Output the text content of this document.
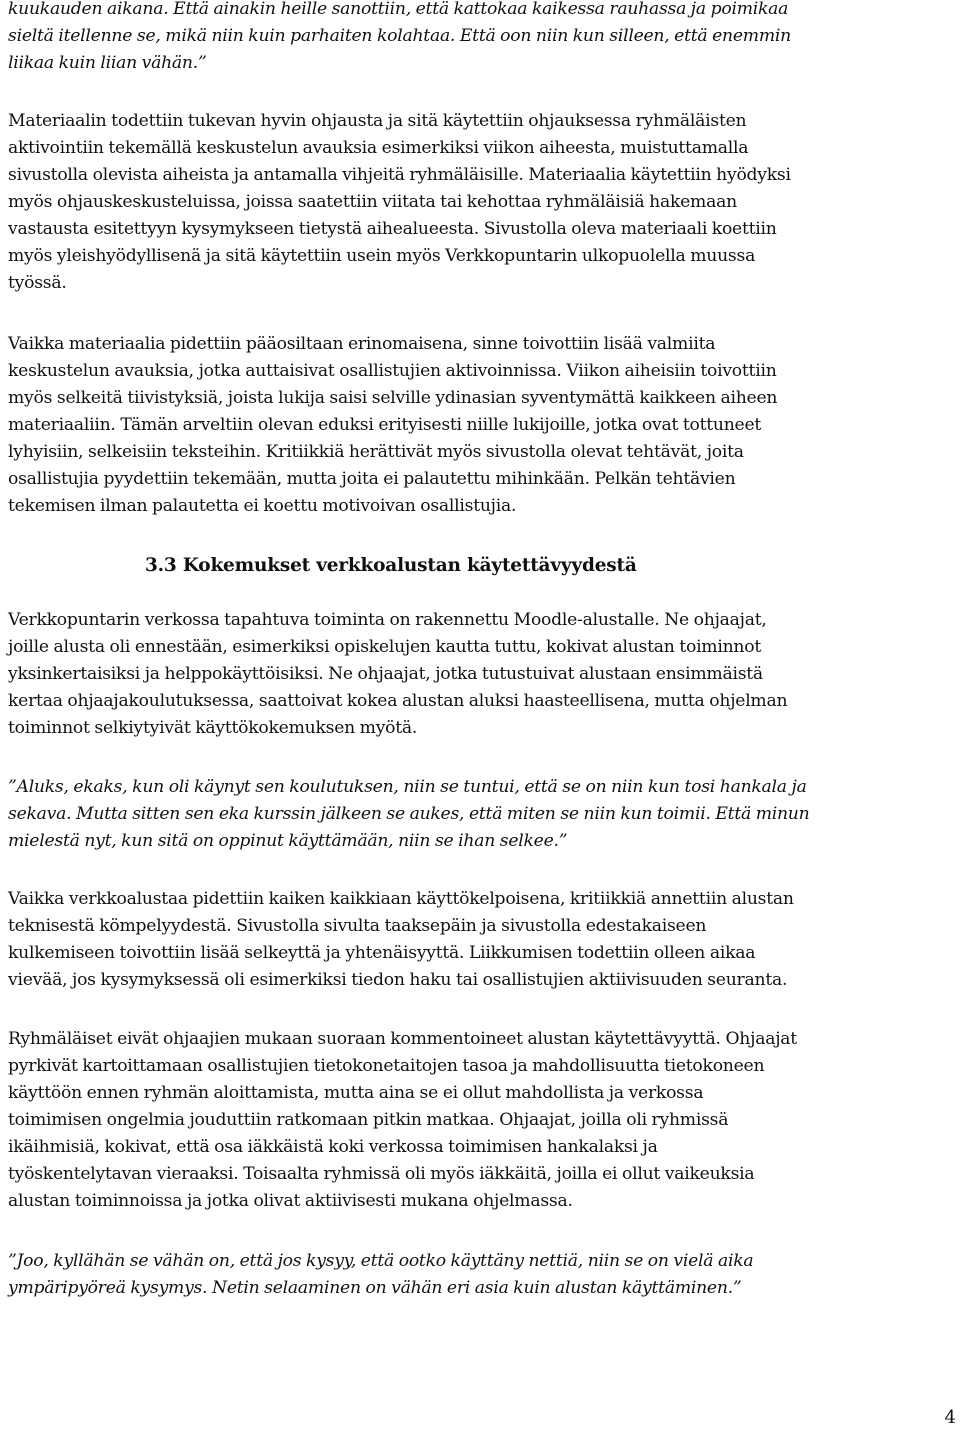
kuukauden aikana. Että ainakin heille sanottiin, että kattokaa kaikessa rauhassa ja poimikaa
sieltä itellenne se, mikä niin kuin parhaiten kolahtaa. Että oon niin kun silleen, että enemmin
liikaa kuin liian vähän.”
Materiaalin todettiin tukevan hyvin ohjausta ja sitä käytettiin ohjauksessa ryhmäläisten
aktivointiin tekemällä keskustelun avauksia esimerkiksi viikon aiheesta, muistuttamalla
sivustolla olevista aiheista ja antamalla vihjeitä ryhmäläisille. Materiaalia käytettiin hyödyksi
myös ohjauskeskusteluissa, joissa saatettiin viitata tai kehottaa ryhmäläisiä hakemaan
vastausta esitettyyn kysymykseen tietystä aihealueesta. Sivustolla oleva materiaali koettiin
myös yleishyödyllisenä ja sitä käytettiin usein myös Verkkopuntarin ulkopuolella muussa
työssä.
Vaikka materiaalia pidettiin pääosiltaan erinomaisena, sinne toivottiin lisää valmiita
keskustelun avauksia, jotka auttaisivat osallistujien aktivoinnissa. Viikon aiheisiin toivottiin
myös selkeitä tiivistyksiä, joista lukija saisi selville ydinasian syventymättä kaikkeen aiheen
materiaaliin. Tämän arveltiin olevan eduksi erityisesti niille lukijoille, jotka ovat tottuneet
lyhyisiin, selkeisiin teksteihin. Kritiikkiä herättivät myös sivustolla olevat tehtävät, joita
osallistujia pyydettiin tekemään, mutta joita ei palautettu mihinkään. Pelkän tehtävien
tekemisen ilman palautetta ei koettu motivoivan osallistujia.
3.3 Kokemukset verkkoalustan käytettävyydestä
Verkkopuntarin verkossa tapahtuva toiminta on rakennettu Moodle-alustalle. Ne ohjaajat,
joille alusta oli ennestään, esimerkiksi opiskelujen kautta tuttu, kokivat alustan toiminnot
yksinkertaisiksi ja helppokäyttöisiksi. Ne ohjaajat, jotka tutustuivat alustaan ensimmäistä
kertaa ohjaajakoulutuksessa, saattoivat kokea alustan aluksi haasteellisena, mutta ohjelman
toiminnot selkiytyivät käyttökokemuksen myötä.
”Aluks, ekaks, kun oli käynyt sen koulutuksen, niin se tuntui, että se on niin kun tosi hankala ja
sekava. Mutta sitten sen eka kurssin jälkeen se aukes, että miten se niin kun toimii. Että minun
mielestä nyt, kun sitä on oppinut käyttämään, niin se ihan selkee.”
Vaikka verkkoalustaa pidettiin kaiken kaikkiaan käyttökelpoisena, kritiikkiä annettiin alustan
teknisestä kömpelyydestä. Sivustolla sivulta taaksepäin ja sivustolla edestakaiseen
kulkemiseen toivottiin lisää selkeyttä ja yhtenäisyyttä. Liikkumisen todettiin olleen aikaa
vievää, jos kysymyksessä oli esimerkiksi tiedon haku tai osallistujien aktiivisuuden seuranta.
Ryhmäläiset eivät ohjaajien mukaan suoraan kommentoineet alustan käytettävyyttä. Ohjaajat
pyrkivät kartoittamaan osallistujien tietokonetaitojen tasoa ja mahdollisuutta tietokoneen
käyttöön ennen ryhmän aloittamista, mutta aina se ei ollut mahdollista ja verkossa
toimimisen ongelmia jouduttiin ratkomaan pitkin matkaa. Ohjaajat, joilla oli ryhmissä
ikäihmisiä, kokivat, että osa iäkkäistä koki verkossa toimimisen hankalaksi ja
työskentelytavan vieraaksi. Toisaalta ryhmissä oli myös iäkkäitä, joilla ei ollut vaikeuksia
alustan toiminnoissa ja jotka olivat aktiivisesti mukana ohjelmassa.
”Joo, kyllähän se vähän on, että jos kysyy, että ootko käyttäny nettiä, niin se on vielä aika
ympäripyöreä kysymys. Netin selaaminen on vähän eri asia kuin alustan käyttäminen.”
4
